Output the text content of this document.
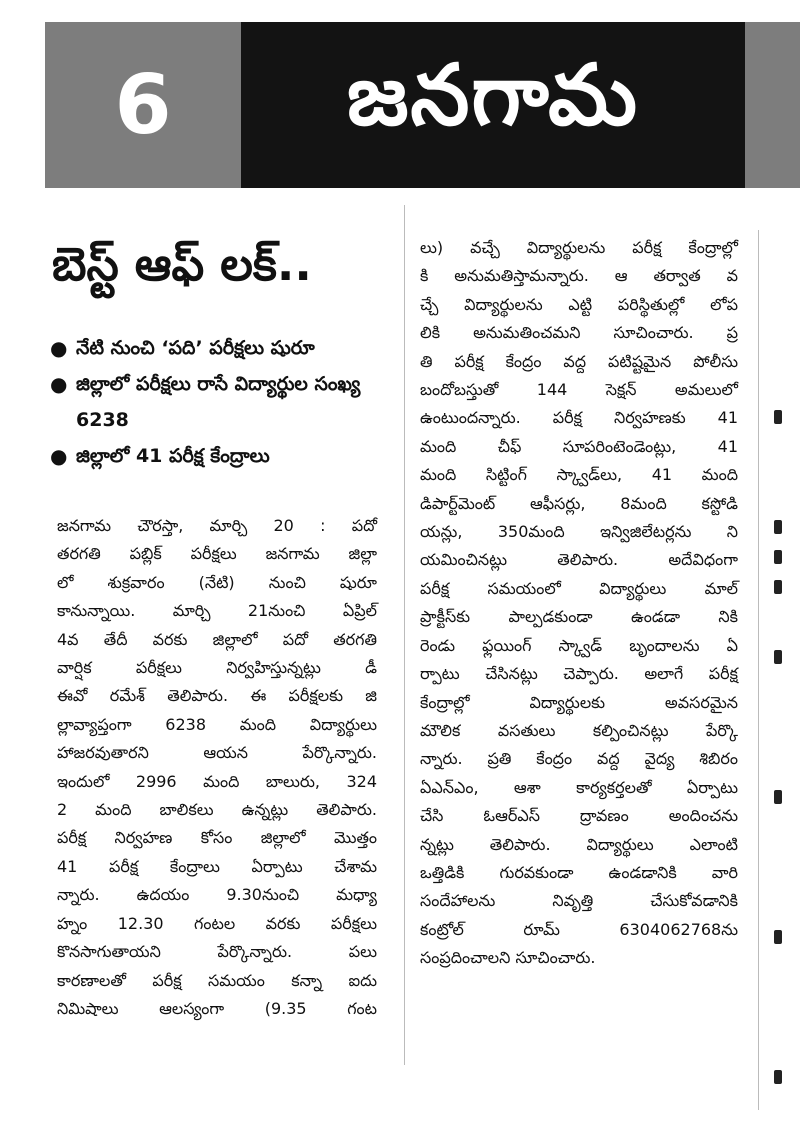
6	జనగామ
బెస్ట్ ఆఫ్ లక్..
● నేటి నుంచి ‘పది’ పరీక్షలు షురూ
● జిల్లాలో పరీక్షలు రాసే విద్యార్థుల సంఖ్య 6238
● జిల్లాలో 41 పరీక్ష కేంద్రాలు

జనగామ చౌరస్తా, మార్చి 20 : పదో

తరగతి పబ్లిక్ పరీక్షలు జనగామ జిల్లా

లో శుక్రవారం (నేటి) నుంచి షురూ

కానున్నాయి. మార్చి 21నుంచి ఏప్రిల్

4వ తేదీ వరకు జిల్లాలో పదో తరగతి

వార్షిక పరీక్షలు నిర్వహిస్తున్నట్లు డీ

ఈవో రమేశ్ తెలిపారు. ఈ పరీక్షలకు జి

ల్లావ్యాప్తంగా 6238 మంది విద్యార్థులు

హాజరవుతారని ఆయన పేర్కొన్నారు.

ఇందులో 2996 మంది బాలురు, 324

2 మంది బాలికలు ఉన్నట్లు తెలిపారు.

పరీక్ష నిర్వహణ కోసం జిల్లాలో మొత్తం

41 పరీక్ష కేంద్రాలు ఏర్పాటు చేశామ

న్నారు. ఉదయం 9.30నుంచి మధ్యా

హ్నం 12.30 గంటల వరకు పరీక్షలు

కొనసాగుతాయని పేర్కొన్నారు. పలు

కారణాలతో పరీక్ష సమయం కన్నా ఐదు

నిమిషాలు ఆలస్యంగా (9.35 గంట

లు) వచ్చే విద్యార్థులను పరీక్ష కేంద్రాల్లో

కి అనుమతిస్తామన్నారు. ఆ తర్వాత వ

చ్చే విద్యార్థులను ఎట్టి పరిస్థితుల్లో లోప

లికి అనుమతించమని సూచించారు. ప్ర

తి పరీక్ష కేంద్రం వద్ద పటిష్టమైన పోలీసు

బందోబస్తుతో 144 సెక్షన్ అమలులో

ఉంటుందన్నారు. పరీక్ష నిర్వహణకు 41

మంది చీఫ్ సూపరింటెండెంట్లు, 41

మంది సిట్టింగ్ స్క్వాడ్‌లు, 41 మంది

డిపార్ట్‌మెంట్ ఆఫీసర్లు, 8మంది కస్టోడి

యన్లు, 350మంది ఇన్విజిలేటర్లను ని

యమించినట్లు తెలిపారు. అదేవిధంగా

పరీక్ష సమయంలో విద్యార్థులు మాల్

ప్రాక్టీస్‌కు పాల్పడకుండా ఉండడా నికి

రెండు ఫ్లయింగ్ స్క్వాడ్ బృందాలను ఏ

ర్పాటు చేసినట్లు చెప్పారు. అలాగే పరీక్ష

కేంద్రాల్లో విద్యార్థులకు అవసరమైన

మౌలిక వసతులు కల్పించినట్లు పేర్కొ

న్నారు. ప్రతి కేంద్రం వద్ద వైద్య శిబిరం

ఏఎన్ఎం, ఆశా కార్యకర్తలతో ఏర్పాటు

చేసి ఓఆర్ఎస్ ద్రావణం అందించను

న్నట్లు తెలిపారు. విద్యార్థులు ఎలాంటి

ఒత్తిడికి గురవకుండా ఉండడానికి వారి

సందేహాలను నివృత్తి చేసుకోవడానికి

కంట్రోల్ రూమ్ 6304062768ను

సంప్రదించాలని సూచించారు.
